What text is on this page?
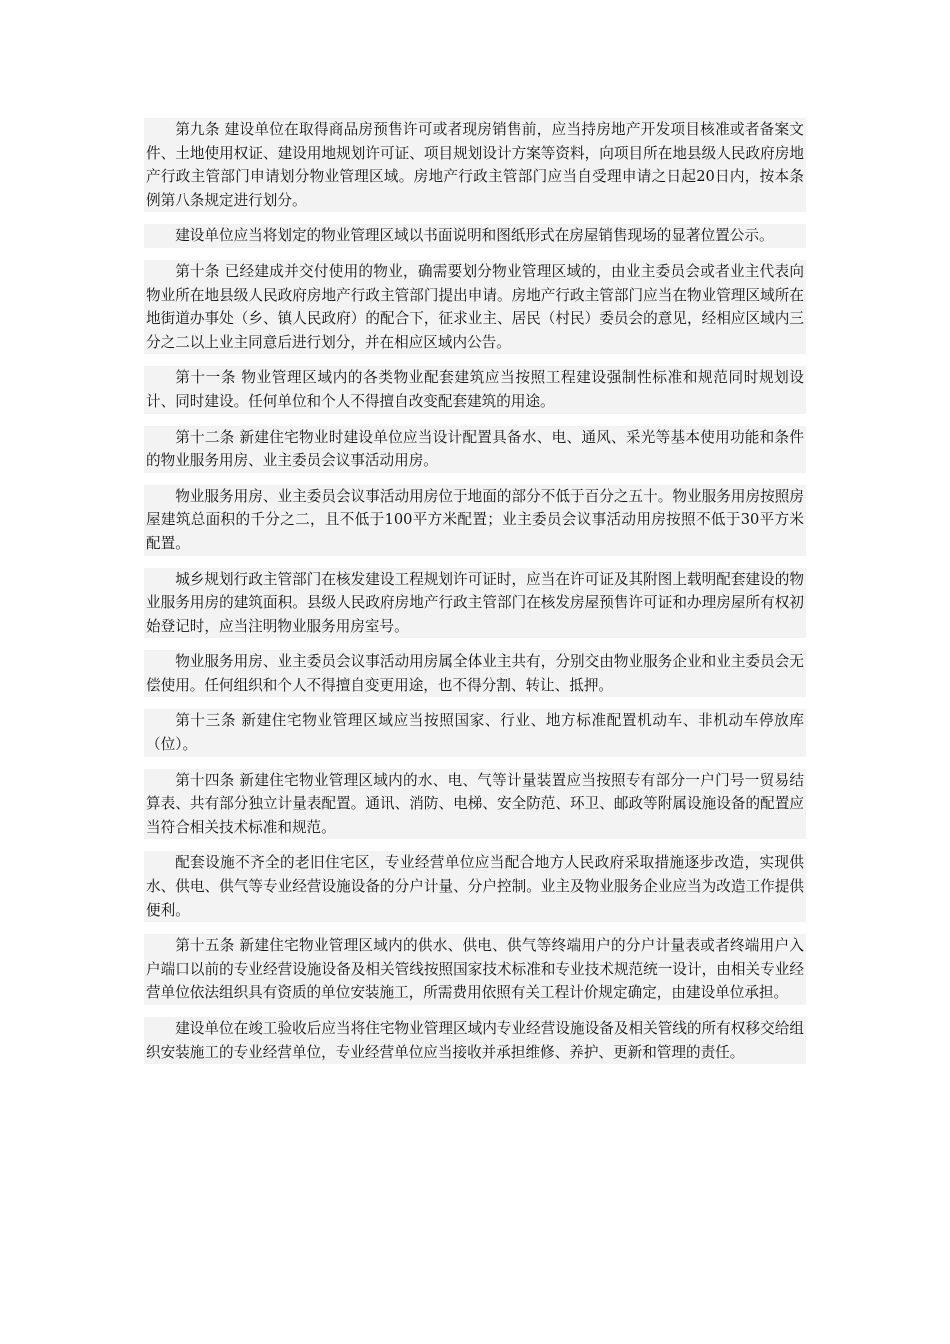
第九条 建设单位在取得商品房预售许可或者现房销售前，应当持房地产开发项目核准或者备案文件、土地使用权证、建设用地规划许可证、项目规划设计方案等资料，向项目所在地县级人民政府房地产行政主管部门申请划分物业管理区域。房地产行政主管部门应当自受理申请之日起20日内，按本条例第八条规定进行划分。

建设单位应当将划定的物业管理区域以书面说明和图纸形式在房屋销售现场的显著位置公示。

第十条 已经建成并交付使用的物业，确需要划分物业管理区域的，由业主委员会或者业主代表向物业所在地县级人民政府房地产行政主管部门提出申请。房地产行政主管部门应当在物业管理区域所在地街道办事处（乡、镇人民政府）的配合下，征求业主、居民（村民）委员会的意见，经相应区域内三分之二以上业主同意后进行划分，并在相应区域内公告。

第十一条 物业管理区域内的各类物业配套建筑应当按照工程建设强制性标准和规范同时规划设计、同时建设。任何单位和个人不得擅自改变配套建筑的用途。

第十二条 新建住宅物业时建设单位应当设计配置具备水、电、通风、采光等基本使用功能和条件的物业服务用房、业主委员会议事活动用房。

物业服务用房、业主委员会议事活动用房位于地面的部分不低于百分之五十。物业服务用房按照房屋建筑总面积的千分之二，且不低于100平方米配置；业主委员会议事活动用房按照不低于30平方米配置。

城乡规划行政主管部门在核发建设工程规划许可证时，应当在许可证及其附图上载明配套建设的物业服务用房的建筑面积。县级人民政府房地产行政主管部门在核发房屋预售许可证和办理房屋所有权初始登记时，应当注明物业服务用房室号。

物业服务用房、业主委员会议事活动用房属全体业主共有，分别交由物业服务企业和业主委员会无偿使用。任何组织和个人不得擅自变更用途，也不得分割、转让、抵押。

第十三条 新建住宅物业管理区域应当按照国家、行业、地方标准配置机动车、非机动车停放库（位）。

第十四条 新建住宅物业管理区域内的水、电、气等计量装置应当按照专有部分一户门号一贸易结算表、共有部分独立计量表配置。通讯、消防、电梯、安全防范、环卫、邮政等附属设施设备的配置应当符合相关技术标准和规范。

配套设施不齐全的老旧住宅区，专业经营单位应当配合地方人民政府采取措施逐步改造，实现供水、供电、供气等专业经营设施设备的分户计量、分户控制。业主及物业服务企业应当为改造工作提供便利。

第十五条 新建住宅物业管理区域内的供水、供电、供气等终端用户的分户计量表或者终端用户入户端口以前的专业经营设施设备及相关管线按照国家技术标准和专业技术规范统一设计，由相关专业经营单位依法组织具有资质的单位安装施工，所需费用依照有关工程计价规定确定，由建设单位承担。

建设单位在竣工验收后应当将住宅物业管理区域内专业经营设施设备及相关管线的所有权移交给组织安装施工的专业经营单位，专业经营单位应当接收并承担维修、养护、更新和管理的责任。
